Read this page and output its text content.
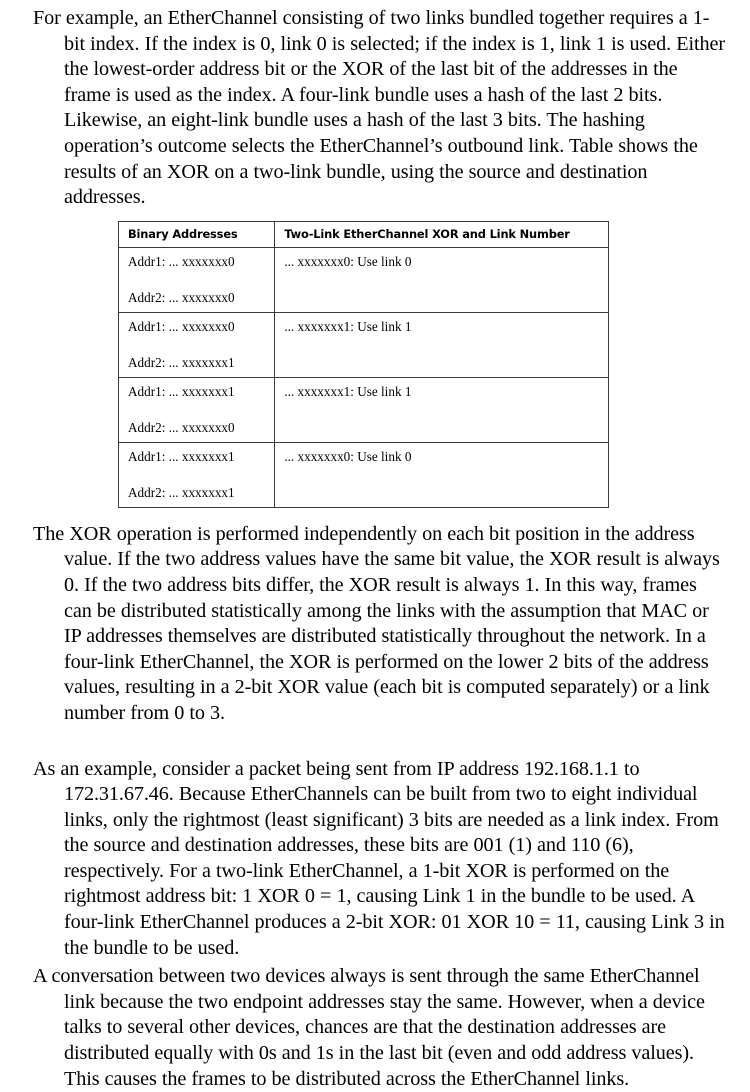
For example, an EtherChannel consisting of two links bundled together requires a 1-bit index. If the index is 0, link 0 is selected; if the index is 1, link 1 is used. Either the lowest-order address bit or the XOR of the last bit of the addresses in the frame is used as the index. A four-link bundle uses a hash of the last 2 bits. Likewise, an eight-link bundle uses a hash of the last 3 bits. The hashing operation’s outcome selects the EtherChannel’s outbound link. Table shows the results of an XOR on a two-link bundle, using the source and destination addresses.

Binary Addresses	Two-Link EtherChannel XOR and Link Number

Addr1: ... xxxxxxx0
Addr2: ... xxxxxxx0	... xxxxxxx0: Use link 0

Addr1: ... xxxxxxx0
Addr2: ... xxxxxxx1	... xxxxxxx1: Use link 1

Addr1: ... xxxxxxx1
Addr2: ... xxxxxxx0	... xxxxxxx1: Use link 1

Addr1: ... xxxxxxx1
Addr2: ... xxxxxxx1	... xxxxxxx0: Use link 0

The XOR operation is performed independently on each bit position in the address value. If the two address values have the same bit value, the XOR result is always 0. If the two address bits differ, the XOR result is always 1. In this way, frames can be distributed statistically among the links with the assumption that MAC or IP addresses themselves are distributed statistically throughout the network. In a four-link EtherChannel, the XOR is performed on the lower 2 bits of the address values, resulting in a 2-bit XOR value (each bit is computed separately) or a link number from 0 to 3.

As an example, consider a packet being sent from IP address 192.168.1.1 to 172.31.67.46. Because EtherChannels can be built from two to eight individual links, only the rightmost (least significant) 3 bits are needed as a link index. From the source and destination addresses, these bits are 001 (1) and 110 (6), respectively. For a two-link EtherChannel, a 1-bit XOR is performed on the rightmost address bit: 1 XOR 0 = 1, causing Link 1 in the bundle to be used. A four-link EtherChannel produces a 2-bit XOR: 01 XOR 10 = 11, causing Link 3 in the bundle to be used.

A conversation between two devices always is sent through the same EtherChannel link because the two endpoint addresses stay the same. However, when a device talks to several other devices, chances are that the destination addresses are distributed equally with 0s and 1s in the last bit (even and odd address values). This causes the frames to be distributed across the EtherChannel links.
